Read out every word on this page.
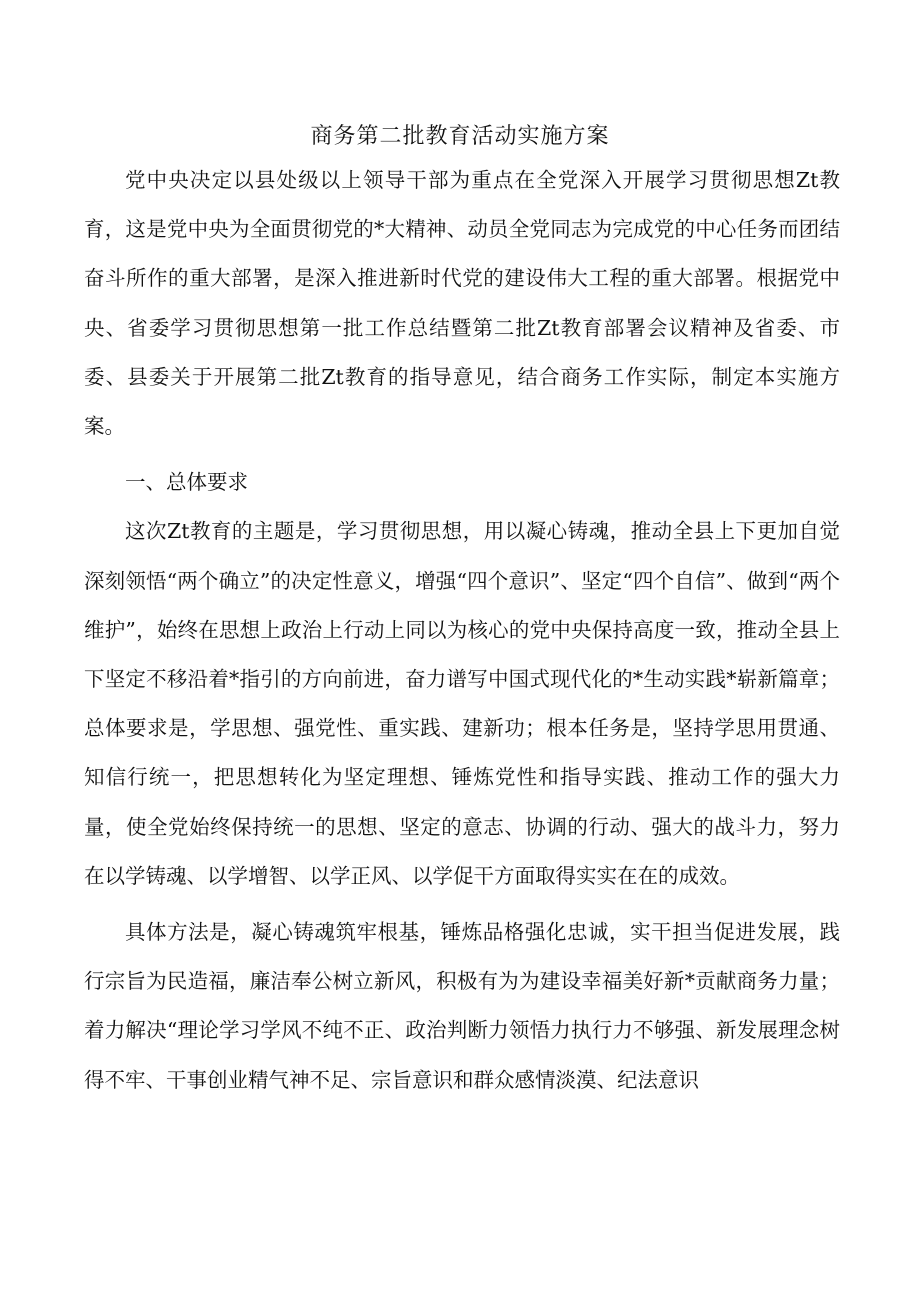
商务第二批教育活动实施方案

党中央决定以县处级以上领导干部为重点在全党深入开展学习贯彻思想Zt教育，这是党中央为全面贯彻党的*大精神、动员全党同志为完成党的中心任务而团结奋斗所作的重大部署，是深入推进新时代党的建设伟大工程的重大部署。根据党中央、省委学习贯彻思想第一批工作总结暨第二批Zt教育部署会议精神及省委、市委、县委关于开展第二批Zt教育的指导意见，结合商务工作实际，制定本实施方案。

一、总体要求

这次Zt教育的主题是，学习贯彻思想，用以凝心铸魂，推动全县上下更加自觉深刻领悟“两个确立”的决定性意义，增强“四个意识”、坚定“四个自信”、做到“两个维护”，始终在思想上政治上行动上同以为核心的党中央保持高度一致，推动全县上下坚定不移沿着*指引的方向前进，奋力谱写中国式现代化的*生动实践*崭新篇章；总体要求是，学思想、强党性、重实践、建新功；根本任务是，坚持学思用贯通、知信行统一，把思想转化为坚定理想、锤炼党性和指导实践、推动工作的强大力量，使全党始终保持统一的思想、坚定的意志、协调的行动、强大的战斗力，努力在以学铸魂、以学增智、以学正风、以学促干方面取得实实在在的成效。

具体方法是，凝心铸魂筑牢根基，锤炼品格强化忠诚，实干担当促进发展，践行宗旨为民造福，廉洁奉公树立新风，积极有为为建设幸福美好新*贡献商务力量；着力解决“理论学习学风不纯不正、政治判断力领悟力执行力不够强、新发展理念树得不牢、干事创业精气神不足、宗旨意识和群众感情淡漠、纪法意识
